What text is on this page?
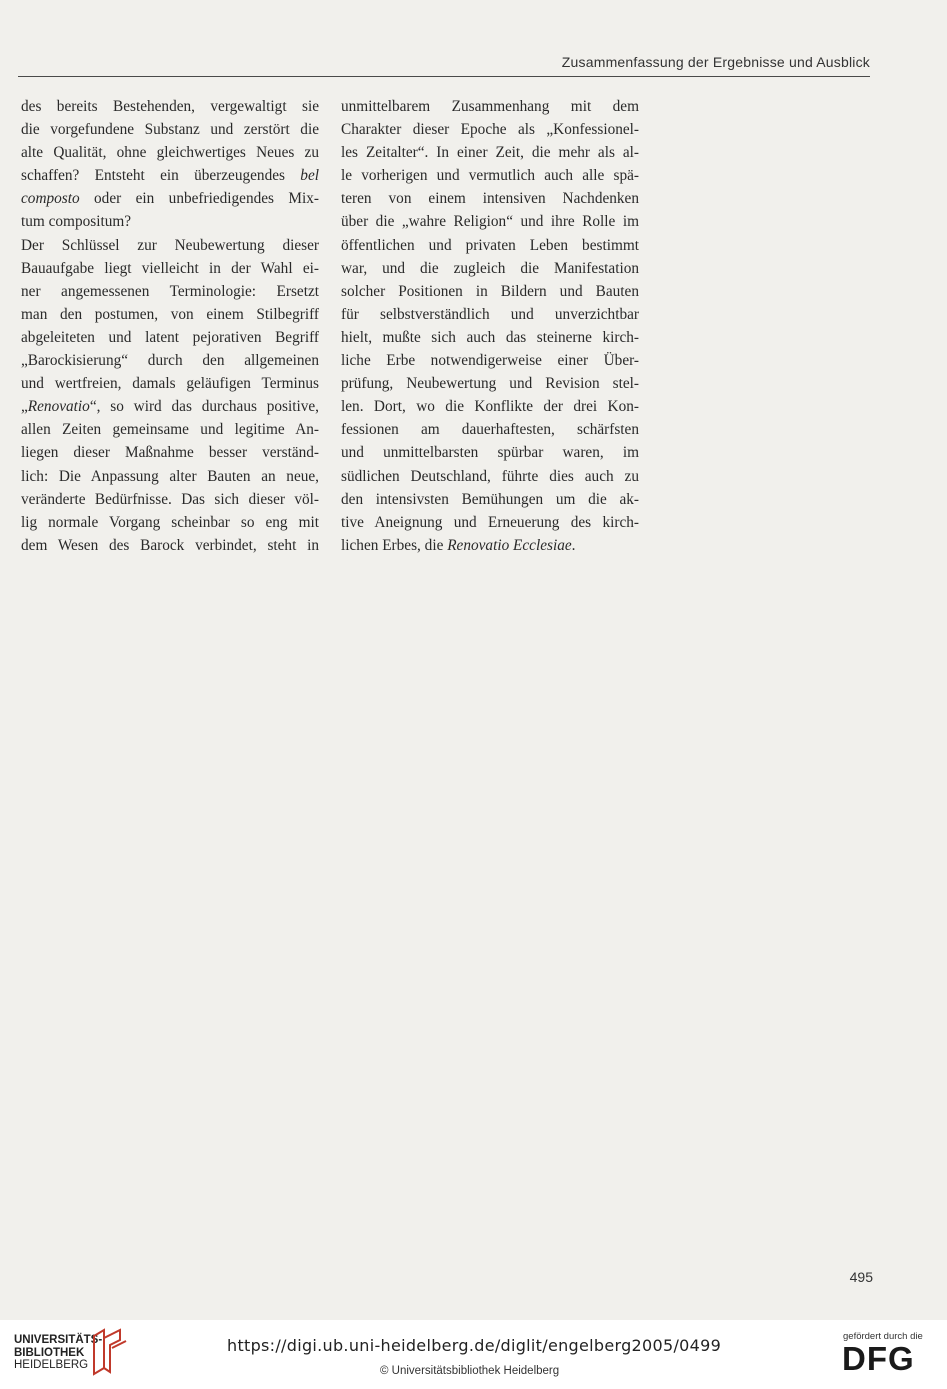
Zusammenfassung der Ergebnisse und Ausblick
des bereits Bestehenden, vergewaltigt sie
die vorgefundene Substanz und zerstört die
alte Qualität, ohne gleichwertiges Neues zu
schaffen? Entsteht ein überzeugendes bel
composto oder ein unbefriedigendes Mix-
tum compositum?
Der Schlüssel zur Neubewertung dieser
Bauaufgabe liegt vielleicht in der Wahl ei-
ner angemessenen Terminologie: Ersetzt
man den postumen, von einem Stilbegriff
abgeleiteten und latent pejorativen Begriff
„Barockisierung“ durch den allgemeinen
und wertfreien, damals geläufigen Terminus
„Renovatio“, so wird das durchaus positive,
allen Zeiten gemeinsame und legitime An-
liegen dieser Maßnahme besser verständ-
lich: Die Anpassung alter Bauten an neue,
veränderte Bedürfnisse. Das sich dieser völ-
lig normale Vorgang scheinbar so eng mit
dem Wesen des Barock verbindet, steht in
unmittelbarem Zusammenhang mit dem
Charakter dieser Epoche als „Konfessionel-
les Zeitalter“. In einer Zeit, die mehr als al-
le vorherigen und vermutlich auch alle spä-
teren von einem intensiven Nachdenken
über die „wahre Religion“ und ihre Rolle im
öffentlichen und privaten Leben bestimmt
war, und die zugleich die Manifestation
solcher Positionen in Bildern und Bauten
für selbstverständlich und unverzichtbar
hielt, mußte sich auch das steinerne kirch-
liche Erbe notwendigerweise einer Über-
prüfung, Neubewertung und Revision stel-
len. Dort, wo die Konflikte der drei Kon-
fessionen am dauerhaftesten, schärfsten
und unmittelbarsten spürbar waren, im
südlichen Deutschland, führte dies auch zu
den intensivsten Bemühungen um die ak-
tive Aneignung und Erneuerung des kirch-
lichen Erbes, die Renovatio Ecclesiae.
495
UNIVERSITÄTS-
BIBLIOTHEK
HEIDELBERG
https://digi.ub.uni-heidelberg.de/diglit/engelberg2005/0499
© Universitätsbibliothek Heidelberg
gefördert durch die
DFG
